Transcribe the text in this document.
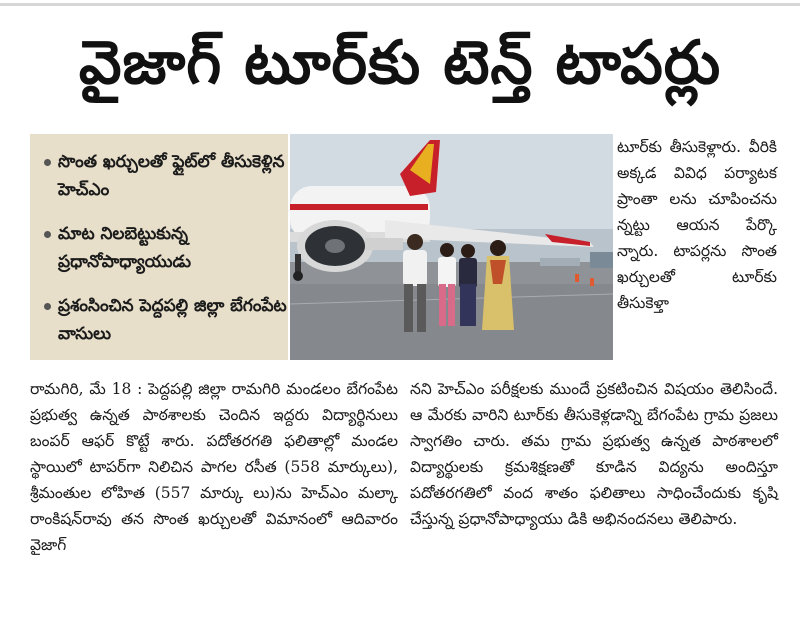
వైజాగ్ టూర్‌కు టెన్త్ టాపర్లు
సొంత ఖర్చులతో ఫ్లైట్‌లో తీసుకెళ్లిన హెచ్‌ఎం
మాట నిలబెట్టుకున్న ప్రధానోపాధ్యాయుడు
ప్రశంసించిన పెద్దపల్లి జిల్లా బేగంపేట వాసులు
టూర్‌కు తీసుకెళ్లారు. వీరికి అక్కడ వివిధ పర్యాటక ప్రాంతా లను చూపించను న్నట్టు ఆయన పేర్కొ న్నారు. టాపర్లను సొంత ఖర్చులతో టూర్‌కు తీసుకెళ్తా
రామగిరి, మే 18 : పెద్దపల్లి జిల్లా రామగిరి మండలం బేగంపేట ప్రభుత్వ ఉన్నత పాఠశాలకు చెందిన ఇద్దరు విద్యార్థినులు బంపర్ ఆఫర్ కొట్టే శారు. పదోతరగతి ఫలితాల్లో మండల స్థాయిలో టాపర్‌గా నిలిచిన పాగల రసీత (558 మార్కులు), శ్రీమంతుల లోహిత (557 మార్కు లు)ను హెచ్‌ఎం మల్కా రాంకిషన్‌రావు తన సొంత ఖర్చులతో విమానంలో ఆదివారం వైజాగ్
నని హెచ్‌ఎం పరీక్షలకు ముందే ప్రకటించిన విషయం తెలిసిందే. ఆ మేరకు వారిని టూర్‌కు తీసుకెళ్లడాన్ని బేగంపేట గ్రామ ప్రజలు స్వాగతిం చారు. తమ గ్రామ ప్రభుత్వ ఉన్నత పాఠశాలలో విద్యార్థులకు క్రమశిక్షణతో కూడిన విద్యను అందిస్తూ పదోతరగతిలో వంద శాతం ఫలితాలు సాధించేందుకు కృషి చేస్తున్న ప్రధానోపాధ్యాయు డికి అభినందనలు తెలిపారు.
